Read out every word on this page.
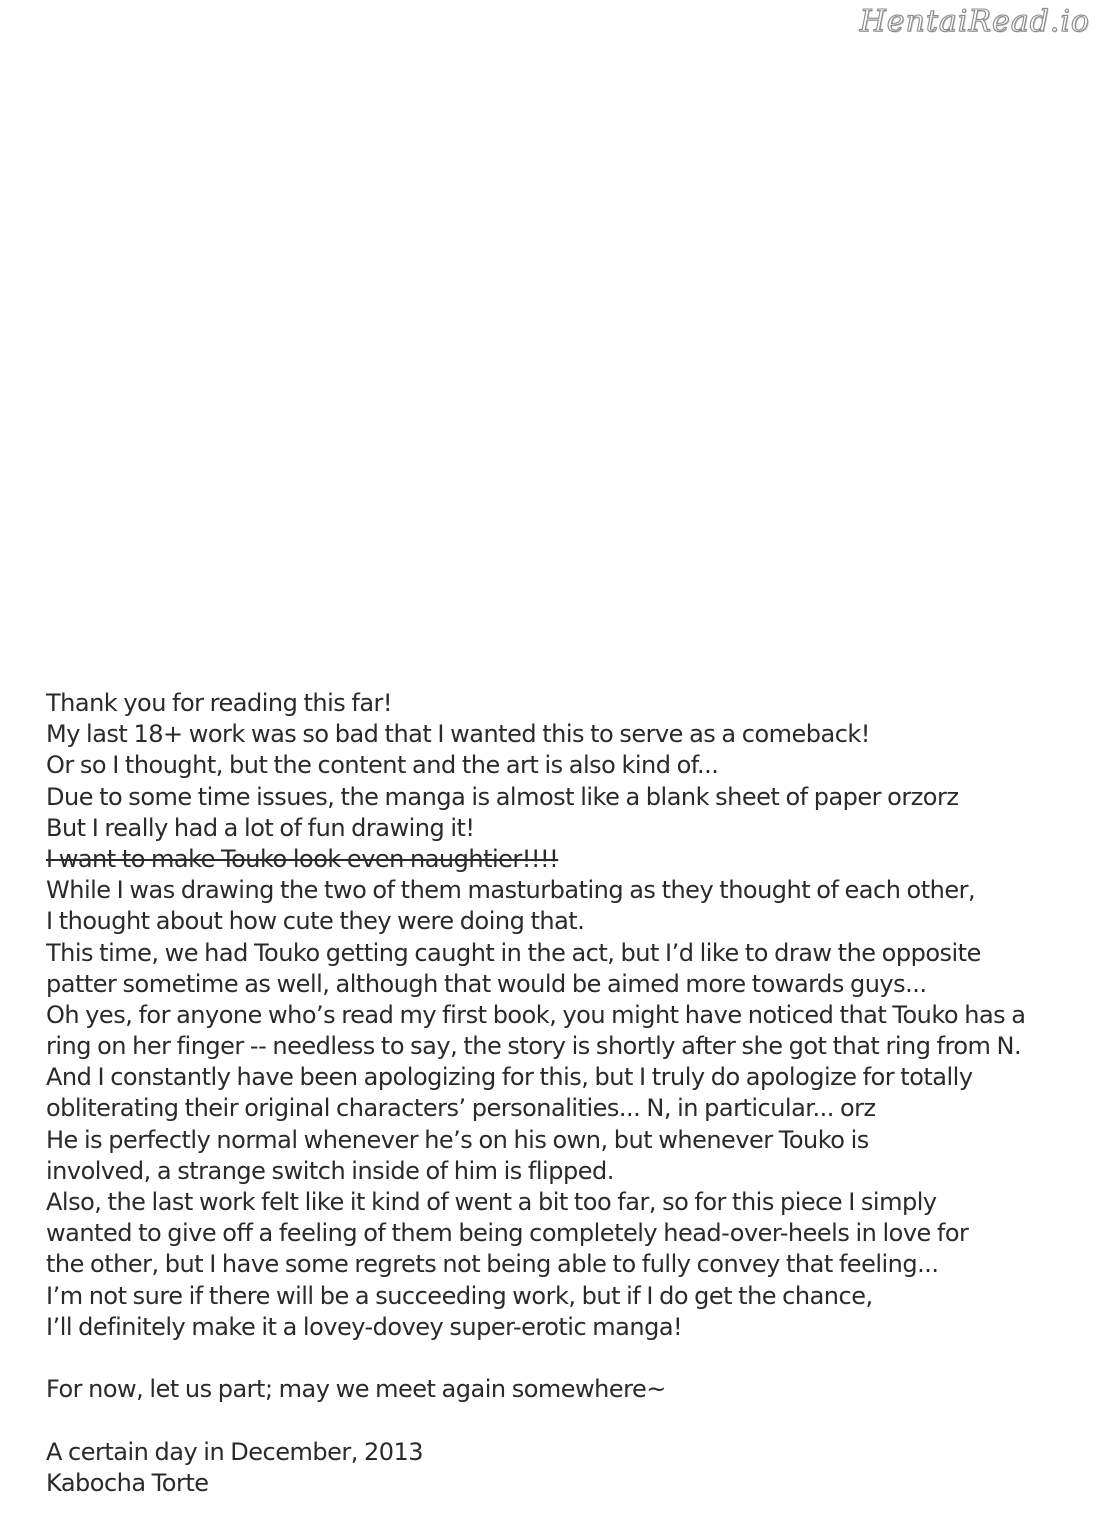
HentaiRead.io
Thank you for reading this far!
My last 18+ work was so bad that I wanted this to serve as a comeback!
Or so I thought, but the content and the art is also kind of...
Due to some time issues, the manga is almost like a blank sheet of paper orzorz
But I really had a lot of fun drawing it!
I want to make Touko look even naughtier!!!!
While I was drawing the two of them masturbating as they thought of each other,
I thought about how cute they were doing that.
This time, we had Touko getting caught in the act, but I’d like to draw the opposite
patter sometime as well, although that would be aimed more towards guys...
Oh yes, for anyone who’s read my first book, you might have noticed that Touko has a
ring on her finger -- needless to say, the story is shortly after she got that ring from N.
And I constantly have been apologizing for this, but I truly do apologize for totally
obliterating their original characters’ personalities... N, in particular... orz
He is perfectly normal whenever he’s on his own, but whenever Touko is
involved, a strange switch inside of him is flipped.
Also, the last work felt like it kind of went a bit too far, so for this piece I simply
wanted to give off a feeling of them being completely head-over-heels in love for
the other, but I have some regrets not being able to fully convey that feeling...
I’m not sure if there will be a succeeding work, but if I do get the chance,
I’ll definitely make it a lovey-dovey super-erotic manga!
For now, let us part; may we meet again somewhere~
A certain day in December, 2013
Kabocha Torte
